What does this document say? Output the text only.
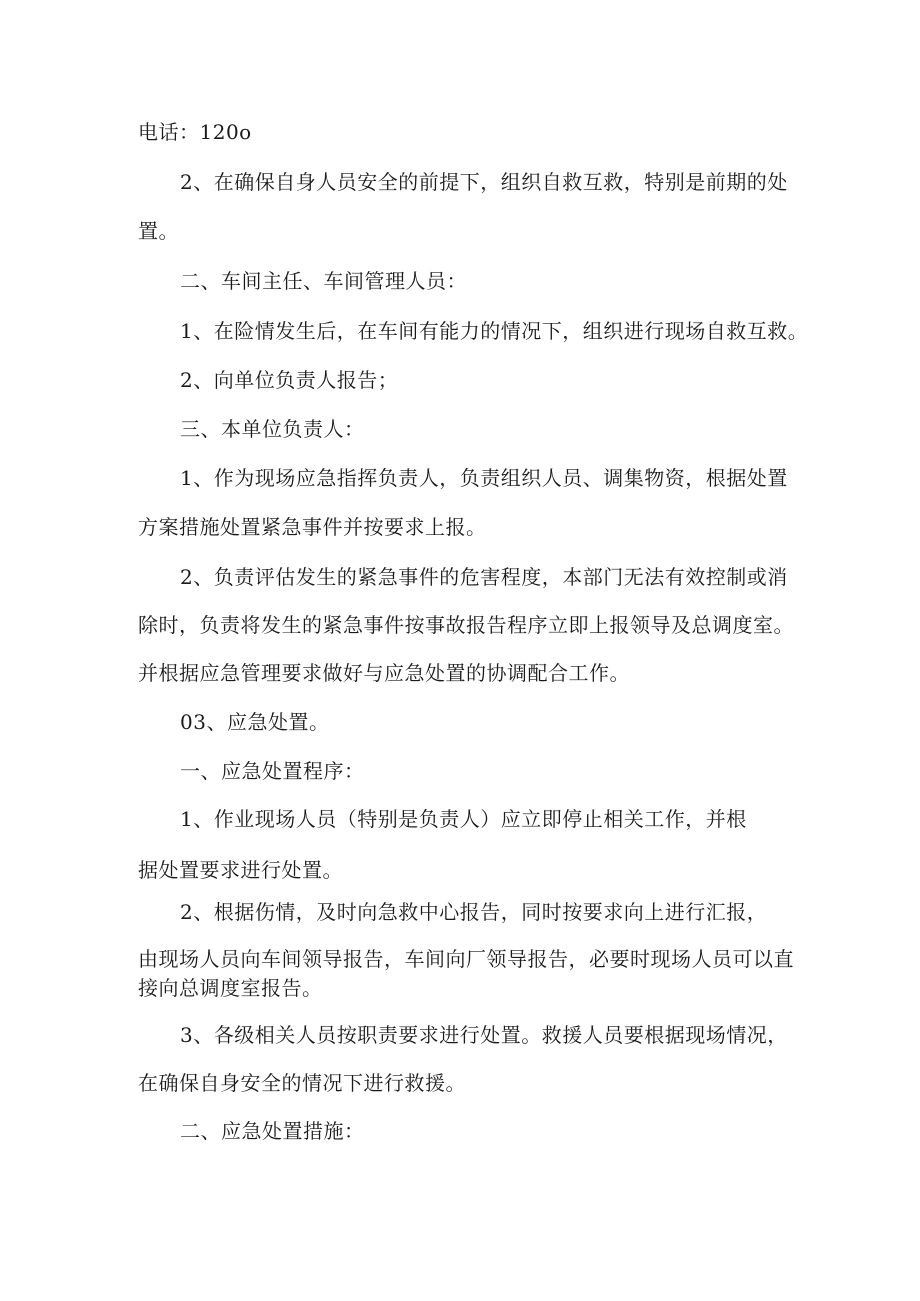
电话：120o
2、在确保自身人员安全的前提下，组织自救互救，特别是前期的处
置。
二、车间主任、车间管理人员：
1、在险情发生后，在车间有能力的情况下，组织进行现场自救互救。
2、向单位负责人报告；
三、本单位负责人：
1、作为现场应急指挥负责人，负责组织人员、调集物资，根据处置
方案措施处置紧急事件并按要求上报。
2、负责评估发生的紧急事件的危害程度，本部门无法有效控制或消
除时，负责将发生的紧急事件按事故报告程序立即上报领导及总调度室。
并根据应急管理要求做好与应急处置的协调配合工作。
03、应急处置。
一、应急处置程序：
1、作业现场人员（特别是负责人）应立即停止相关工作，并根
据处置要求进行处置。
2、根据伤情，及时向急救中心报告，同时按要求向上进行汇报，
由现场人员向车间领导报告，车间向厂领导报告，必要时现场人员可以直
接向总调度室报告。
3、各级相关人员按职责要求进行处置。救援人员要根据现场情况，
在确保自身安全的情况下进行救援。
二、应急处置措施：
